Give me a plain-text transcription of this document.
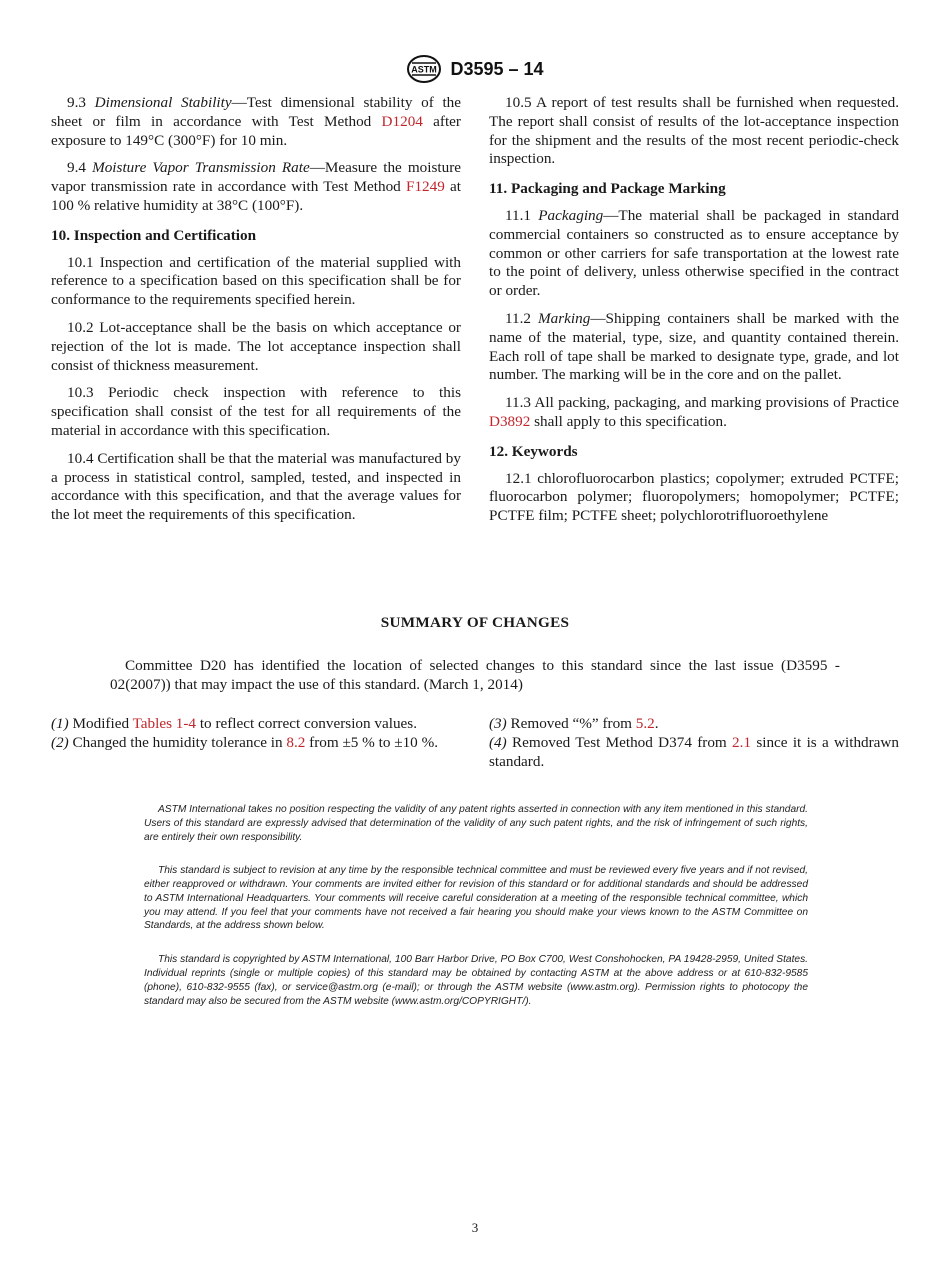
ASTM D3595 – 14

9.3 Dimensional Stability—Test dimensional stability of the sheet or film in accordance with Test Method D1204 after exposure to 149°C (300°F) for 10 min.

9.4 Moisture Vapor Transmission Rate—Measure the moisture vapor transmission rate in accordance with Test Method F1249 at 100 % relative humidity at 38°C (100°F).

10. Inspection and Certification

10.1 Inspection and certification of the material supplied with reference to a specification based on this specification shall be for conformance to the requirements specified herein.

10.2 Lot-acceptance shall be the basis on which acceptance or rejection of the lot is made. The lot acceptance inspection shall consist of thickness measurement.

10.3 Periodic check inspection with reference to this specification shall consist of the test for all requirements of the material in accordance with this specification.

10.4 Certification shall be that the material was manufactured by a process in statistical control, sampled, tested, and inspected in accordance with this specification, and that the average values for the lot meet the requirements of this specification.

10.5 A report of test results shall be furnished when requested. The report shall consist of results of the lot-acceptance inspection for the shipment and the results of the most recent periodic-check inspection.

11. Packaging and Package Marking

11.1 Packaging—The material shall be packaged in standard commercial containers so constructed as to ensure acceptance by common or other carriers for safe transportation at the lowest rate to the point of delivery, unless otherwise specified in the contract or order.

11.2 Marking—Shipping containers shall be marked with the name of the material, type, size, and quantity contained therein. Each roll of tape shall be marked to designate type, grade, and lot number. The marking will be in the core and on the pallet.

11.3 All packing, packaging, and marking provisions of Practice D3892 shall apply to this specification.

12. Keywords

12.1 chlorofluorocarbon plastics; copolymer; extruded PCTFE; fluorocarbon polymer; fluoropolymers; homopolymer; PCTFE; PCTFE film; PCTFE sheet; polychlorotrifluoroethylene

SUMMARY OF CHANGES
Committee D20 has identified the location of selected changes to this standard since the last issue (D3595 - 02(2007)) that may impact the use of this standard. (March 1, 2014)

(1) Modified Tables 1-4 to reflect correct conversion values.

(2) Changed the humidity tolerance in 8.2 from ±5 % to ±10 %.

(3) Removed “%” from 5.2.

(4) Removed Test Method D374 from 2.1 since it is a withdrawn standard.

ASTM International takes no position respecting the validity of any patent rights asserted in connection with any item mentioned in this standard. Users of this standard are expressly advised that determination of the validity of any such patent rights, and the risk of infringement of such rights, are entirely their own responsibility.

This standard is subject to revision at any time by the responsible technical committee and must be reviewed every five years and if not revised, either reapproved or withdrawn. Your comments are invited either for revision of this standard or for additional standards and should be addressed to ASTM International Headquarters. Your comments will receive careful consideration at a meeting of the responsible technical committee, which you may attend. If you feel that your comments have not received a fair hearing you should make your views known to the ASTM Committee on Standards, at the address shown below.

This standard is copyrighted by ASTM International, 100 Barr Harbor Drive, PO Box C700, West Conshohocken, PA 19428-2959, United States. Individual reprints (single or multiple copies) of this standard may be obtained by contacting ASTM at the above address or at 610-832-9585 (phone), 610-832-9555 (fax), or service@astm.org (e-mail); or through the ASTM website (www.astm.org). Permission rights to photocopy the standard may also be secured from the ASTM website (www.astm.org/COPYRIGHT/).

3
